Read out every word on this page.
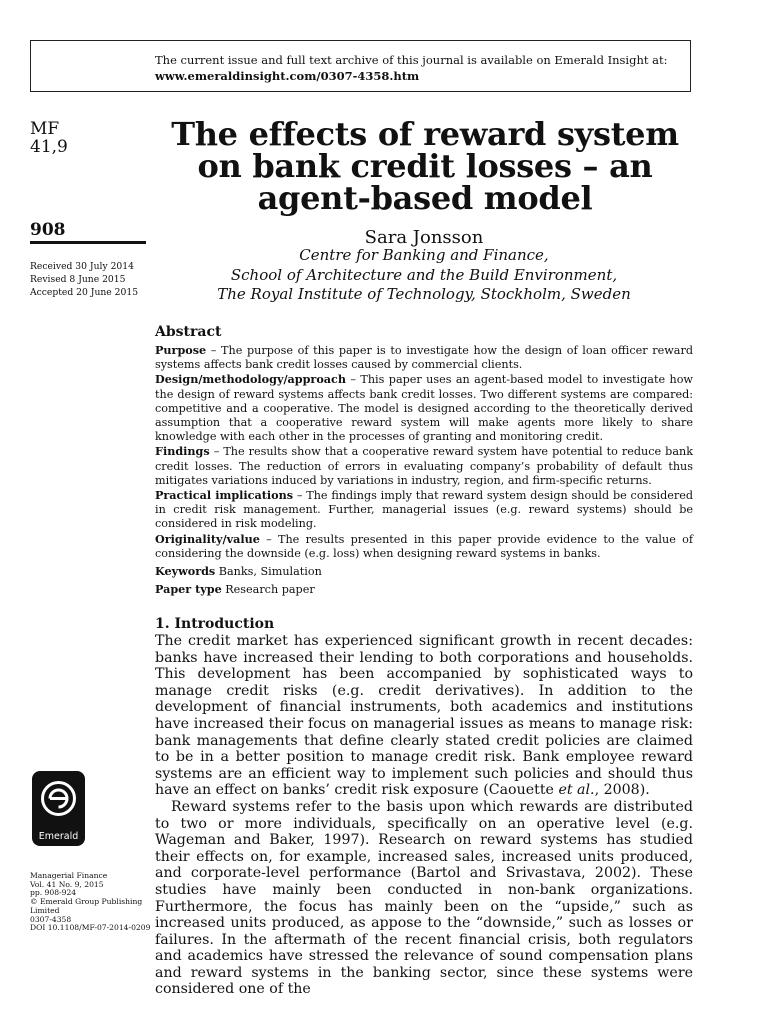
The current issue and full text archive of this journal is available on Emerald Insight at:
www.emeraldinsight.com/0307-4358.htm
MF
41,9
908
Received 30 July 2014
Revised 8 June 2015
Accepted 20 June 2015
The effects of reward system
on bank credit losses – an
agent-based model
Sara Jonsson
Centre for Banking and Finance,
School of Architecture and the Build Environment,
The Royal Institute of Technology, Stockholm, Sweden
Abstract

Purpose – The purpose of this paper is to investigate how the design of loan officer reward systems affects bank credit losses caused by commercial clients.

Design/methodology/approach – This paper uses an agent-based model to investigate how the design of reward systems affects bank credit losses. Two different systems are compared: competitive and a cooperative. The model is designed according to the theoretically derived assumption that a cooperative reward system will make agents more likely to share knowledge with each other in the processes of granting and monitoring credit.

Findings – The results show that a cooperative reward system have potential to reduce bank credit losses. The reduction of errors in evaluating company’s probability of default thus mitigates variations induced by variations in industry, region, and firm-specific returns.

Practical implications – The findings imply that reward system design should be considered in credit risk management. Further, managerial issues (e.g. reward systems) should be considered in risk modeling.

Originality/value – The results presented in this paper provide evidence to the value of considering the downside (e.g. loss) when designing reward systems in banks.

Keywords Banks, Simulation
Paper type Research paper
1. Introduction

The credit market has experienced significant growth in recent decades: banks have increased their lending to both corporations and households. This development has been accompanied by sophisticated ways to manage credit risks (e.g. credit derivatives). In addition to the development of financial instruments, both academics and institutions have increased their focus on managerial issues as means to manage risk: bank managements that define clearly stated credit policies are claimed to be in a better position to manage credit risk. Bank employee reward systems are an efficient way to implement such policies and should thus have an effect on banks’ credit risk exposure (Caouette et al., 2008).

Reward systems refer to the basis upon which rewards are distributed to two or more individuals, specifically on an operative level (e.g. Wageman and Baker, 1997). Research on reward systems has studied their effects on, for example, increased sales, increased units produced, and corporate-level performance (Bartol and Srivastava, 2002). These studies have mainly been conducted in non-bank organizations. Furthermore, the focus has mainly been on the “upside,” such as increased units produced, as appose to the “downside,” such as losses or failures. In the aftermath of the recent financial crisis, both regulators and academics have stressed the relevance of sound compensation plans and reward systems in the banking sector, since these systems were considered one of the

Emerald
Managerial Finance
Vol. 41 No. 9, 2015
pp. 908-924
© Emerald Group Publishing Limited
0307-4358
DOI 10.1108/MF-07-2014-0209
